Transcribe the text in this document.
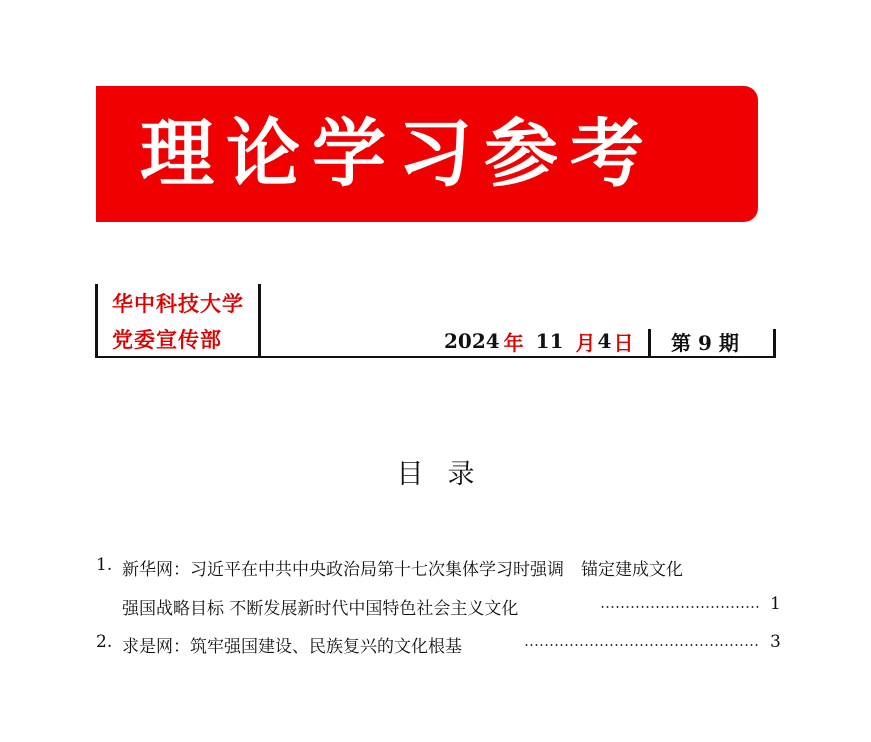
理论学习参考
华中科技大学
党委宣传部	2024 年 11 月 4 日 第 9 期
目录
1. 新华网：习近平在中共中央政治局第十七次集体学习时强调　锚定建成文化
强国战略目标 不断发展新时代中国特色社会主义文化	1
2. 求是网：筑牢强国建设、民族复兴的文化根基	3
